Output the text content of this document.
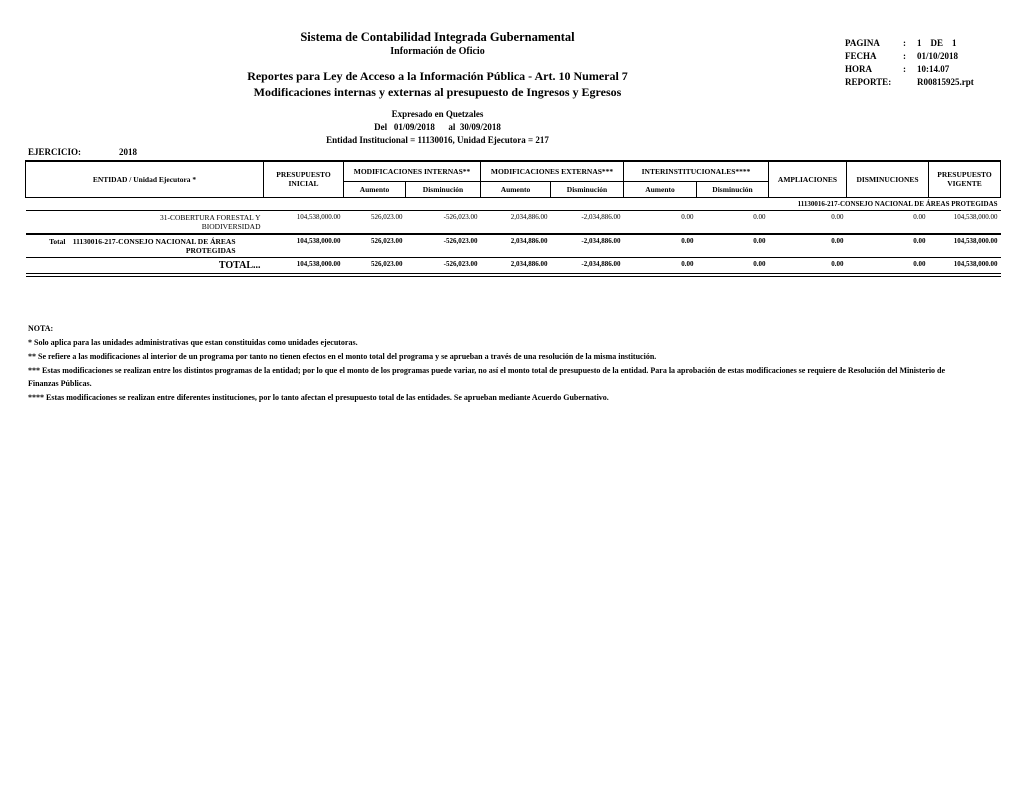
Sistema de Contabilidad Integrada Gubernamental
Información de Oficio
Reportes para Ley de Acceso a la Información Pública - Art. 10 Numeral 7
Modificaciones internas y externas al presupuesto de Ingresos y Egresos
Expresado en Quetzales
Del   01/09/2018      al  30/09/2018
Entidad Institucional = 11130016, Unidad Ejecutora = 217
PAGINA	:	1    DE    1
FECHA	:	01/10/2018
HORA	:	10:14.07
REPORTE:	R00815925.rpt
EJERCICIO:	2018
ENTIDAD / Unidad Ejecutora *	PRESUPUESTO INICIAL	MODIFICACIONES INTERNAS**		MODIFICACIONES EXTERNAS***		INTERINSTITUCIONALES****		AMPLIACIONES	DISMINUCIONES	PRESUPUESTO VIGENTE
		Aumento	Disminución	Aumento	Disminución	Aumento	Disminución			
11130016-217-CONSEJO NACIONAL DE ÁREAS PROTEGIDAS										
31-COBERTURA FORESTAL Y BIODIVERSIDAD	104,538,000.00	526,023.00	-526,023.00	2,034,886.00	-2,034,886.00	0.00	0.00	0.00	0.00	104,538,000.00

Total 11130016-217-CONSEJO NACIONAL DE ÁREAS PROTEGIDAS	104,538,000.00	526,023.00	-526,023.00	2,034,886.00	-2,034,886.00	0.00	0.00	0.00	0.00	104,538,000.00
TOTAL...	104,538,000.00	526,023.00	-526,023.00	2,034,886.00	-2,034,886.00	0.00	0.00	0.00	0.00	104,538,000.00
NOTA:
* Solo aplica para las unidades administrativas que estan constituidas como unidades ejecutoras.
** Se refiere a las modificaciones al interior de un programa por tanto no tienen efectos en el monto total del programa y se aprueban a través de una resolución de la misma institución.
*** Estas modificaciones se realizan entre los distintos programas de la entidad; por lo que el monto de los programas puede variar, no así el monto total de presupuesto de la entidad. Para la aprobación de estas modificaciones se requiere de Resolución del Ministerio de Finanzas Públicas.
**** Estas modificaciones se realizan entre diferentes instituciones, por lo tanto afectan el presupuesto total de las entidades. Se aprueban mediante Acuerdo Gubernativo.
